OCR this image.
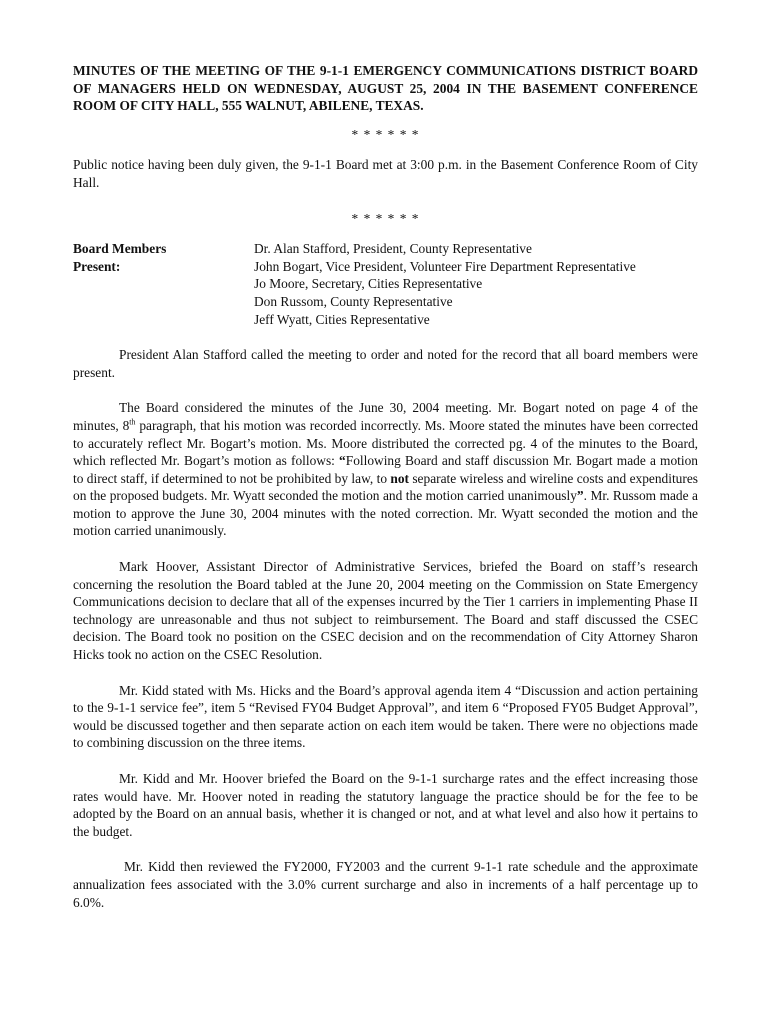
MINUTES OF THE MEETING OF THE 9-1-1 EMERGENCY COMMUNICATIONS DISTRICT BOARD OF MANAGERS HELD ON WEDNESDAY, AUGUST 25, 2004 IN THE BASEMENT CONFERENCE ROOM OF CITY HALL, 555 WALNUT, ABILENE, TEXAS.

* * * * * *

Public notice having been duly given, the 9-1-1 Board met at 3:00 p.m. in the Basement Conference Room of City Hall.

* * * * * *

Board Members
Present:
Dr. Alan Stafford, President, County Representative
John Bogart, Vice President, Volunteer Fire Department Representative
Jo Moore, Secretary, Cities Representative
Don Russom, County Representative
Jeff Wyatt, Cities Representative

President Alan Stafford called the meeting to order and noted for the record that all board members were present.

The Board considered the minutes of the June 30, 2004 meeting. Mr. Bogart noted on page 4 of the minutes, 8th paragraph, that his motion was recorded incorrectly. Ms. Moore stated the minutes have been corrected to accurately reflect Mr. Bogart’s motion. Ms. Moore distributed the corrected pg. 4 of the minutes to the Board, which reflected Mr. Bogart’s motion as follows: “Following Board and staff discussion Mr. Bogart made a motion to direct staff, if determined to not be prohibited by law, to not separate wireless and wireline costs and expenditures on the proposed budgets. Mr. Wyatt seconded the motion and the motion carried unanimously”. Mr. Russom made a motion to approve the June 30, 2004 minutes with the noted correction. Mr. Wyatt seconded the motion and the motion carried unanimously.

Mark Hoover, Assistant Director of Administrative Services, briefed the Board on staff’s research concerning the resolution the Board tabled at the June 20, 2004 meeting on the Commission on State Emergency Communications decision to declare that all of the expenses incurred by the Tier 1 carriers in implementing Phase II technology are unreasonable and thus not subject to reimbursement. The Board and staff discussed the CSEC decision. The Board took no position on the CSEC decision and on the recommendation of City Attorney Sharon Hicks took no action on the CSEC Resolution.

Mr. Kidd stated with Ms. Hicks and the Board’s approval agenda item 4 “Discussion and action pertaining to the 9-1-1 service fee”, item 5 “Revised FY04 Budget Approval”, and item 6 “Proposed FY05 Budget Approval”, would be discussed together and then separate action on each item would be taken. There were no objections made to combining discussion on the three items.

Mr. Kidd and Mr. Hoover briefed the Board on the 9-1-1 surcharge rates and the effect increasing those rates would have. Mr. Hoover noted in reading the statutory language the practice should be for the fee to be adopted by the Board on an annual basis, whether it is changed or not, and at what level and also how it pertains to the budget.

Mr. Kidd then reviewed the FY2000, FY2003 and the current 9-1-1 rate schedule and the approximate annualization fees associated with the 3.0% current surcharge and also in increments of a half percentage up to 6.0%.
